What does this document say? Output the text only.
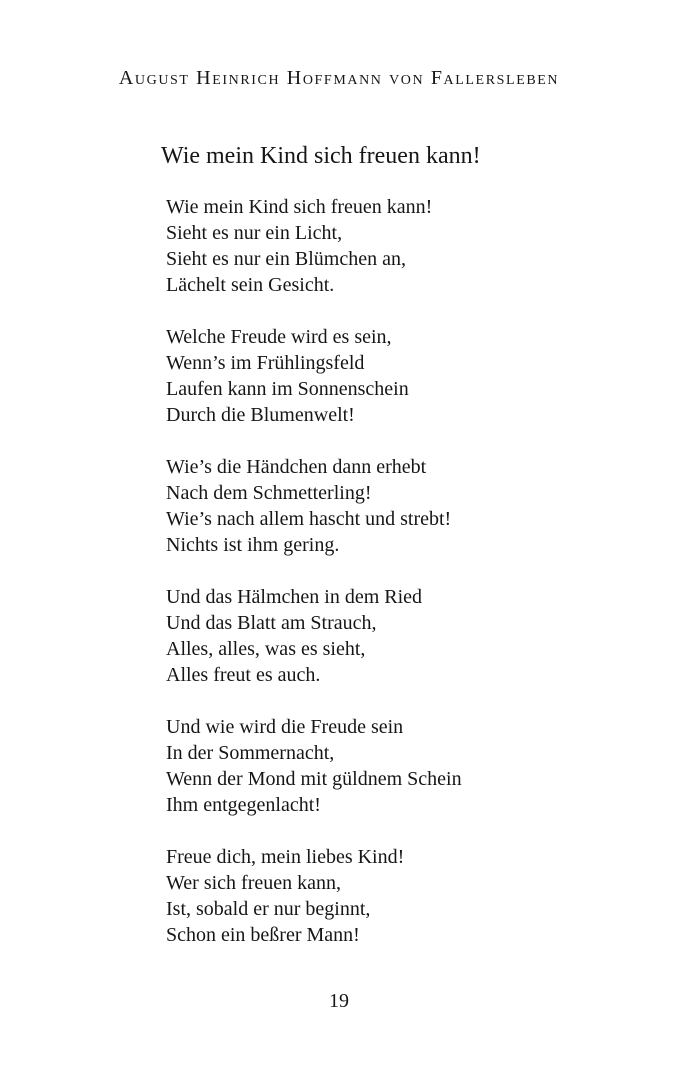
August Heinrich Hoffmann von Fallersleben
Wie mein Kind sich freuen kann!
Wie mein Kind sich freuen kann!
Sieht es nur ein Licht,
Sieht es nur ein Blümchen an,
Lächelt sein Gesicht.
Welche Freude wird es sein,
Wenn’s im Frühlingsfeld
Laufen kann im Sonnenschein
Durch die Blumenwelt!
Wie’s die Händchen dann erhebt
Nach dem Schmetterling!
Wie’s nach allem hascht und strebt!
Nichts ist ihm gering.
Und das Hälmchen in dem Ried
Und das Blatt am Strauch,
Alles, alles, was es sieht,
Alles freut es auch.
Und wie wird die Freude sein
In der Sommernacht,
Wenn der Mond mit güldnem Schein
Ihm entgegenlacht!
Freue dich, mein liebes Kind!
Wer sich freuen kann,
Ist, sobald er nur beginnt,
Schon ein beßrer Mann!
19
